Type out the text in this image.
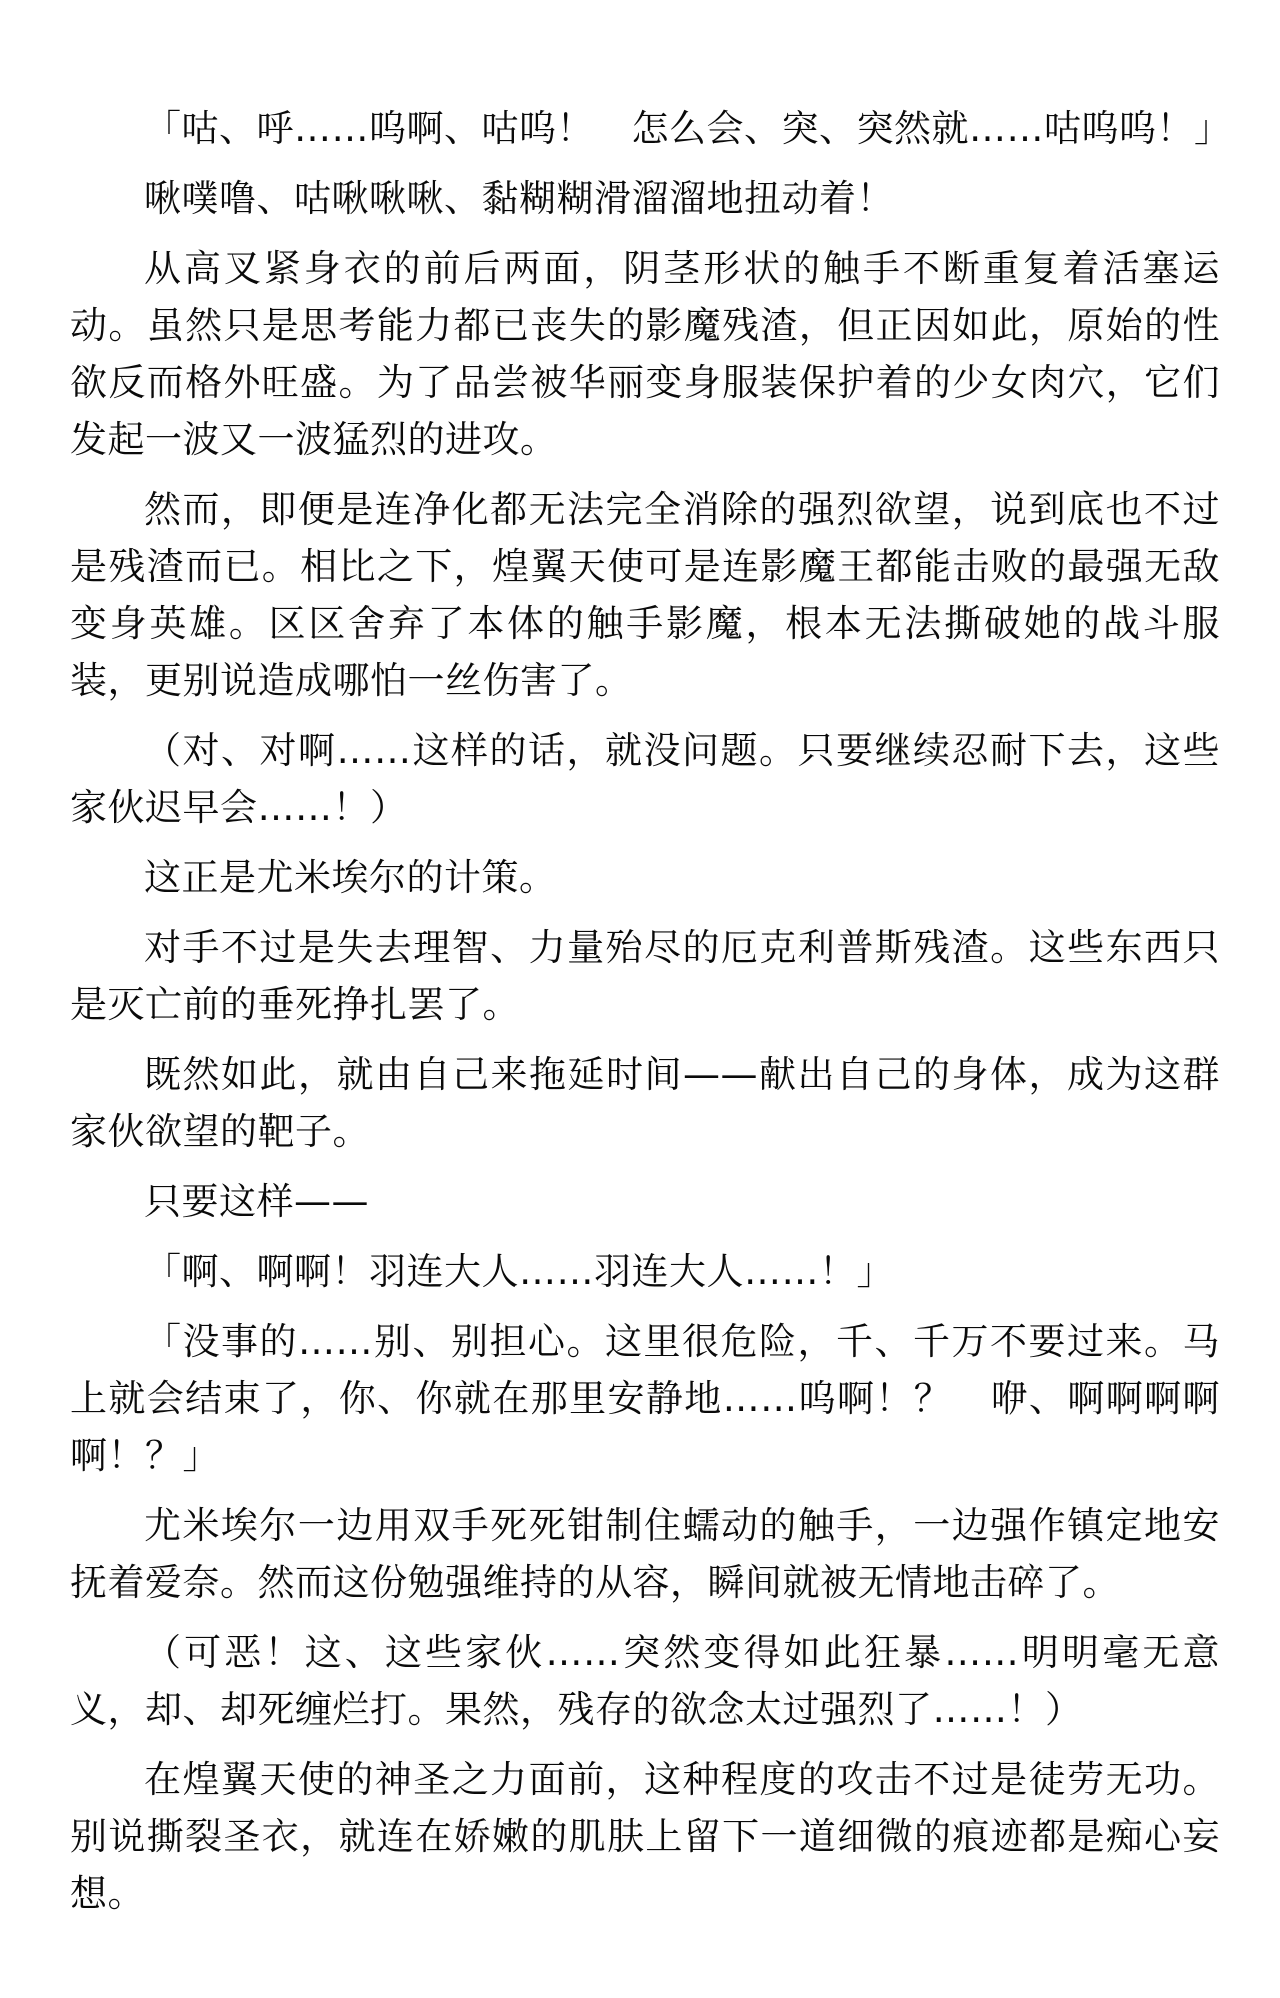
「咕、呼……呜啊、咕呜！　怎么会、突、突然就……咕呜呜！」

啾噗噜、咕啾啾啾、黏糊糊滑溜溜地扭动着！

从高叉紧身衣的前后两面，阴茎形状的触手不断重复着活塞运动。虽然只是思考能力都已丧失的影魔残渣，但正因如此，原始的性欲反而格外旺盛。为了品尝被华丽变身服装保护着的少女肉穴，它们发起一波又一波猛烈的进攻。

然而，即便是连净化都无法完全消除的强烈欲望，说到底也不过是残渣而已。相比之下，煌翼天使可是连影魔王都能击败的最强无敌变身英雄。区区舍弃了本体的触手影魔，根本无法撕破她的战斗服装，更别说造成哪怕一丝伤害了。

（对、对啊……这样的话，就没问题。只要继续忍耐下去，这些家伙迟早会……！）

这正是尤米埃尔的计策。

对手不过是失去理智、力量殆尽的厄克利普斯残渣。这些东西只是灭亡前的垂死挣扎罢了。

既然如此，就由自己来拖延时间——献出自己的身体，成为这群家伙欲望的靶子。

只要这样——

「啊、啊啊！羽连大人……羽连大人……！」

「没事的……别、别担心。这里很危险，千、千万不要过来。马上就会结束了，你、你就在那里安静地……呜啊！？　咿、啊啊啊啊啊！？」

尤米埃尔一边用双手死死钳制住蠕动的触手，一边强作镇定地安抚着爱奈。然而这份勉强维持的从容，瞬间就被无情地击碎了。

（可恶！这、这些家伙……突然变得如此狂暴……明明毫无意义，却、却死缠烂打。果然，残存的欲念太过强烈了……！）

在煌翼天使的神圣之力面前，这种程度的攻击不过是徒劳无功。别说撕裂圣衣，就连在娇嫩的肌肤上留下一道细微的痕迹都是痴心妄想。
